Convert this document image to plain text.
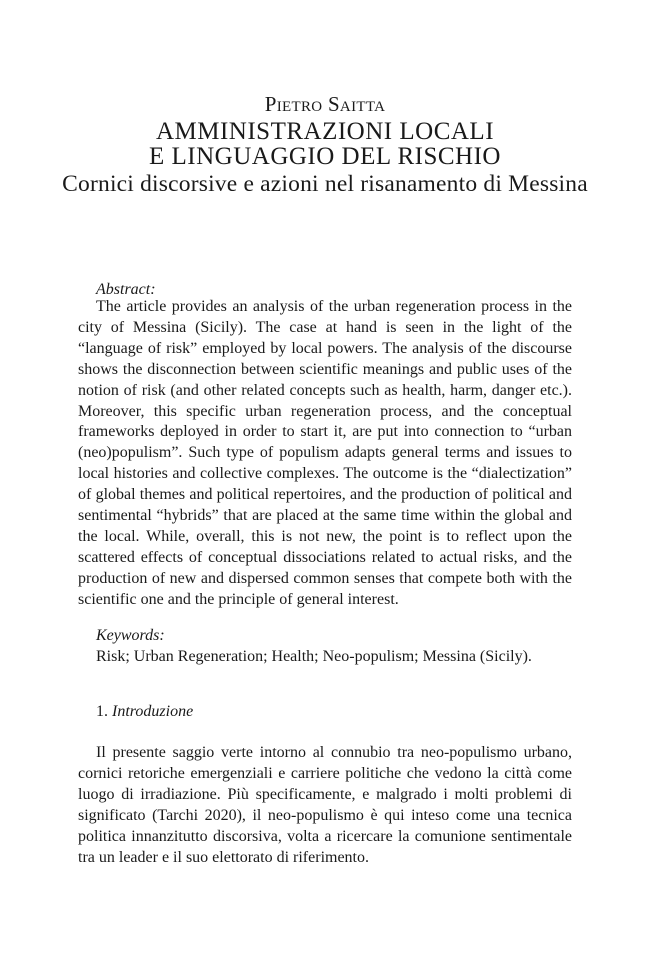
Pietro Saitta
AMMINISTRAZIONI LOCALI
E LINGUAGGIO DEL RISCHIO
Cornici discorsive e azioni nel risanamento di Messina
Abstract:
The article provides an analysis of the urban regeneration process in the city of Messina (Sicily). The case at hand is seen in the light of the “language of risk” employed by local powers. The analysis of the discourse shows the disconnection between scientific meanings and public uses of the notion of risk (and other related concepts such as health, harm, danger etc.). Moreover, this specific urban regeneration process, and the conceptual frameworks deployed in order to start it, are put into connection to “urban (neo)populism”. Such type of populism adapts general terms and issues to local histories and collective complexes. The outcome is the “dialectization” of global themes and political repertoires, and the production of political and sentimental “hybrids” that are placed at the same time within the global and the local. While, overall, this is not new, the point is to reflect upon the scattered effects of conceptual dissociations related to actual risks, and the production of new and dispersed common senses that compete both with the scientific one and the principle of general interest.
Keywords:
Risk; Urban Regeneration; Health; Neo-populism; Messina (Sicily).
1. Introduzione
Il presente saggio verte intorno al connubio tra neo-populismo urbano, cornici retoriche emergenziali e carriere politiche che vedono la città come luogo di irradiazione. Più specificamente, e malgrado i molti problemi di significato (Tarchi 2020), il neo-populismo è qui inteso come una tecnica politica innanzitutto discorsiva, volta a ricercare la comunione sentimentale tra un leader e il suo elettorato di riferimento.
